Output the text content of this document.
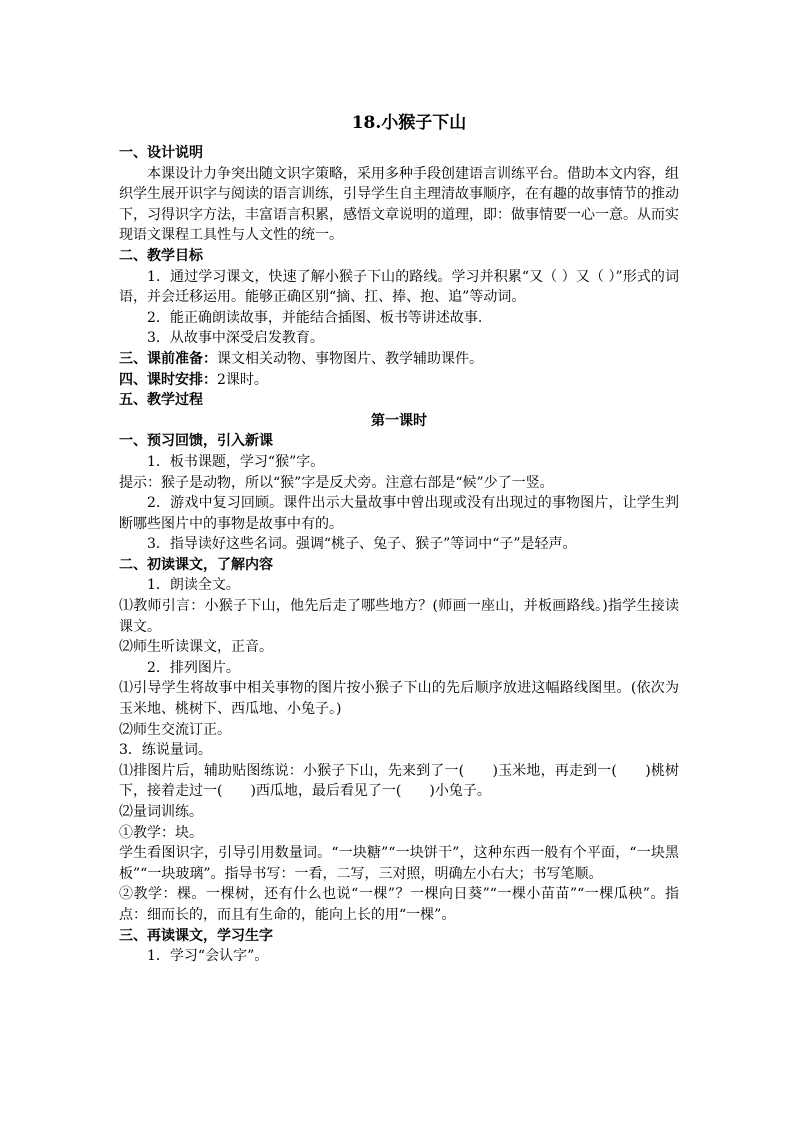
18.小猴子下山
一、设计说明

本课设计力争突出随文识字策略，采用多种手段创建语言训练平台。借助本文内容，组织学生展开识字与阅读的语言训练，引导学生自主理清故事顺序，在有趣的故事情节的推动下，习得识字方法，丰富语言积累，感悟文章说明的道理，即：做事情要一心一意。从而实现语文课程工具性与人文性的统一。

二、教学目标

1．通过学习课文，快速了解小猴子下山的路线。学习并积累“又（ ）又（ ）”形式的词语，并会迁移运用。能够正确区别“摘、扛、捧、抱、追”等动词。

2．能正确朗读故事，并能结合插图、板书等讲述故事.

3．从故事中深受启发教育。

三、课前准备：课文相关动物、事物图片、教学辅助课件。

四、课时安排：2课时。

五、教学过程
第一课时
一、预习回馈，引入新课

1．板书课题，学习“猴”字。

提示：猴子是动物，所以“猴”字是反犬旁。注意右部是“候”少了一竖。

2．游戏中复习回顾。课件出示大量故事中曾出现或没有出现过的事物图片，让学生判断哪些图片中的事物是故事中有的。

3．指导读好这些名词。强调“桃子、兔子、猴子”等词中“子”是轻声。

二、初读课文，了解内容

1．朗读全文。

⑴教师引言：小猴子下山，他先后走了哪些地方？(师画一座山，并板画路线。)指学生接读课文。

⑵师生听读课文，正音。

2．排列图片。

⑴引导学生将故事中相关事物的图片按小猴子下山的先后顺序放进这幅路线图里。(依次为玉米地、桃树下、西瓜地、小兔子。)

⑵师生交流订正。

3．练说量词。

⑴排图片后，辅助贴图练说：小猴子下山，先来到了一(　　)玉米地，再走到一(　　)桃树下，接着走过一(　　)西瓜地，最后看见了一(　　)小兔子。

⑵量词训练。

①教学：块。

学生看图识字，引导引用数量词。“一块糖”“一块饼干”，这种东西一般有个平面，“一块黑板”“一块玻璃”。指导书写：一看，二写，三对照，明确左小右大；书写笔顺。

②教学：棵。一棵树，还有什么也说“一棵”？一棵向日葵”“一棵小苗苗”“一棵瓜秧”。指点：细而长的，而且有生命的，能向上长的用“一棵”。

三、再读课文，学习生字

1．学习“会认字”。
